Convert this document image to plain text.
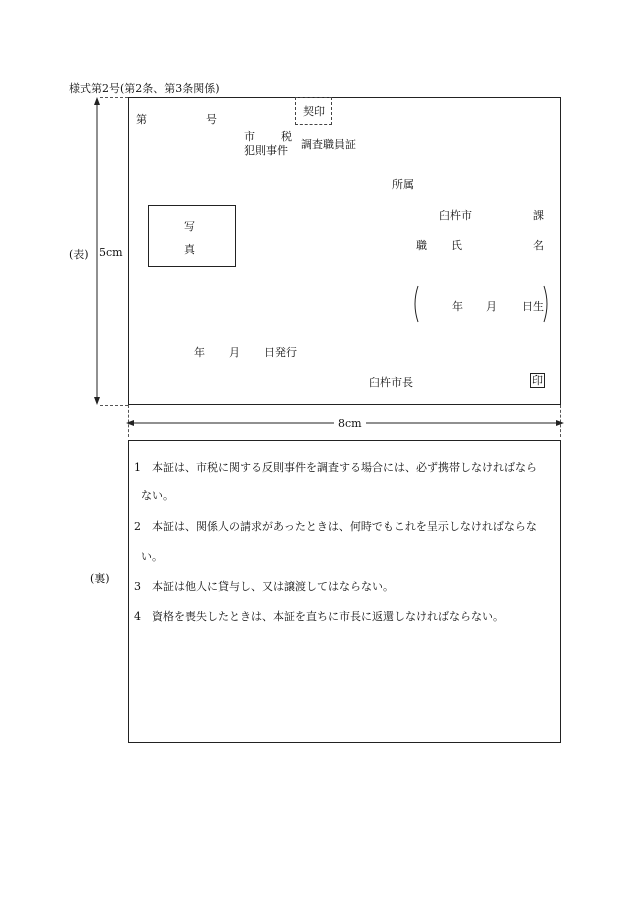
様式第2号(第2条、第3条関係)
(表) 5cm
第	号
契印
市 税
犯則事件 調査職員証
所属
写
真
臼杵市	課
職 氏	名
年 月 日生
年 月 日発行
臼杵市長	印
8cm
(裏)
1　本証は、市税に関する反則事件を調査する場合には、必ず携帯しなければなら
ない。
2　本証は、関係人の請求があったときは、何時でもこれを呈示しなければならな
い。
3　本証は他人に貸与し、又は譲渡してはならない。
4　資格を喪失したときは、本証を直ちに市長に返還しなければならない。
